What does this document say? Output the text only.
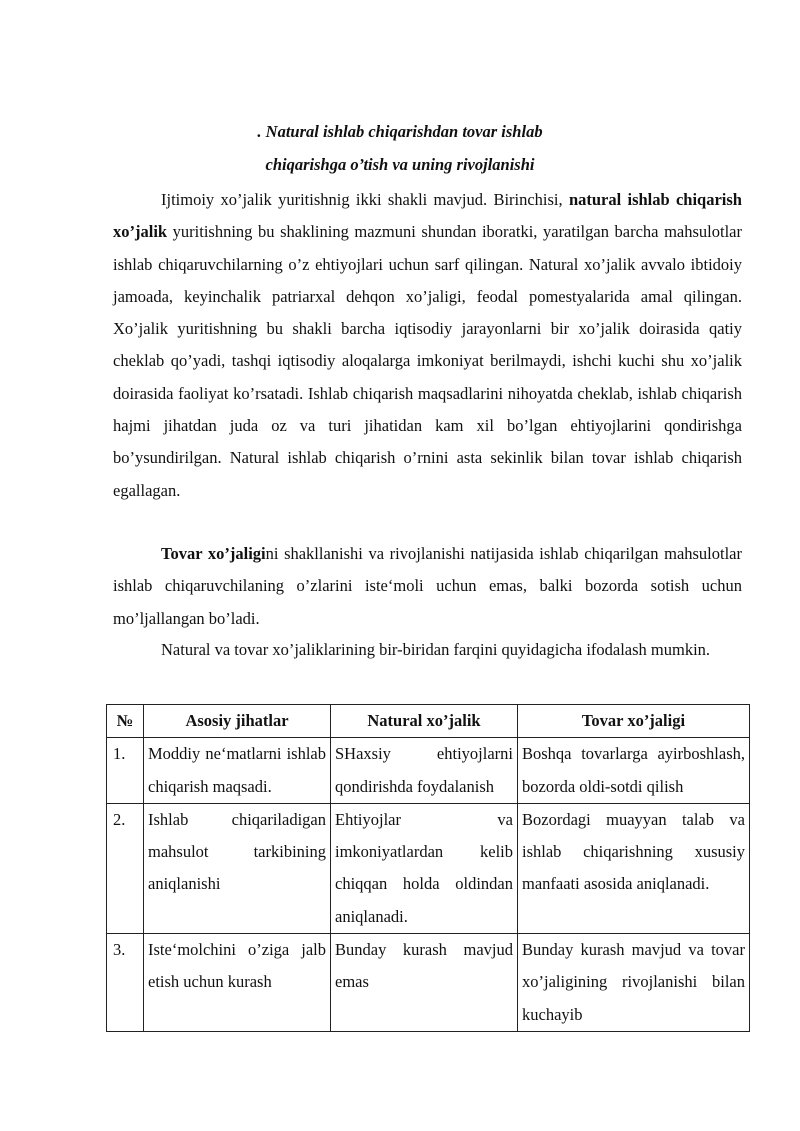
. Natural ishlab chiqarishdan tovar ishlab

chiqarishga o’tish va uning rivojlanishi

Ijtimoiy xo’jalik yuritishnig ikki shakli mavjud. Birinchisi, natural ishlab chiqarish xo’jalik yuritishning bu shaklining mazmuni shundan iboratki, yaratilgan barcha mahsulotlar ishlab chiqaruvchilarning o’z ehtiyojlari uchun sarf qilingan. Natural xo’jalik avvalo ibtidoiy jamoada, keyinchalik patriarxal dehqon xo’jaligi, feodal pomestyalarida amal qilingan. Xo’jalik yuritishning bu shakli barcha iqtisodiy jarayonlarni bir xo’jalik doirasida qatiy cheklab qo’yadi, tashqi iqtisodiy aloqalarga imkoniyat berilmaydi, ishchi kuchi shu xo’jalik doirasida faoliyat ko’rsatadi. Ishlab chiqarish maqsadlarini nihoyatda cheklab, ishlab chiqarish hajmi jihatdan juda oz va turi jihatidan kam xil bo’lgan ehtiyojlarini qondirishga bo’ysundirilgan. Natural ishlab chiqarish o’rnini asta sekinlik bilan tovar ishlab chiqarish egallagan.

Tovar xo’jaligini shakllanishi va rivojlanishi natijasida ishlab chiqarilgan mahsulotlar ishlab chiqaruvchilaning o’zlarini iste‘moli uchun emas, balki bozorda sotish uchun mo’ljallangan bo’ladi.

Natural va tovar xo’jaliklarining bir-biridan farqini quyidagicha ifodalash mumkin.

№	Asosiy jihatlar	Natural xo’jalik	Tovar xo’jaligi
1.	Moddiy ne‘matlarni ishlab chiqarish maqsadi.	SHaxsiy ehtiyojlarni qondirishda foydalanish	Boshqa tovarlarga ayirboshlash, bozorda oldi-sotdi qilish
2.	Ishlab chiqariladigan mahsulot tarkibining aniqlanishi	Ehtiyojlar va imkoniyatlardan kelib chiqqan holda oldindan aniqlanadi.	Bozordagi muayyan talab va ishlab chiqarishning xususiy manfaati asosida aniqlanadi.
3.	Iste‘molchini o’ziga jalb etish uchun kurash	Bunday kurash mavjud emas	Bunday kurash mavjud va tovar xo’jaligining rivojlanishi bilan kuchayib
